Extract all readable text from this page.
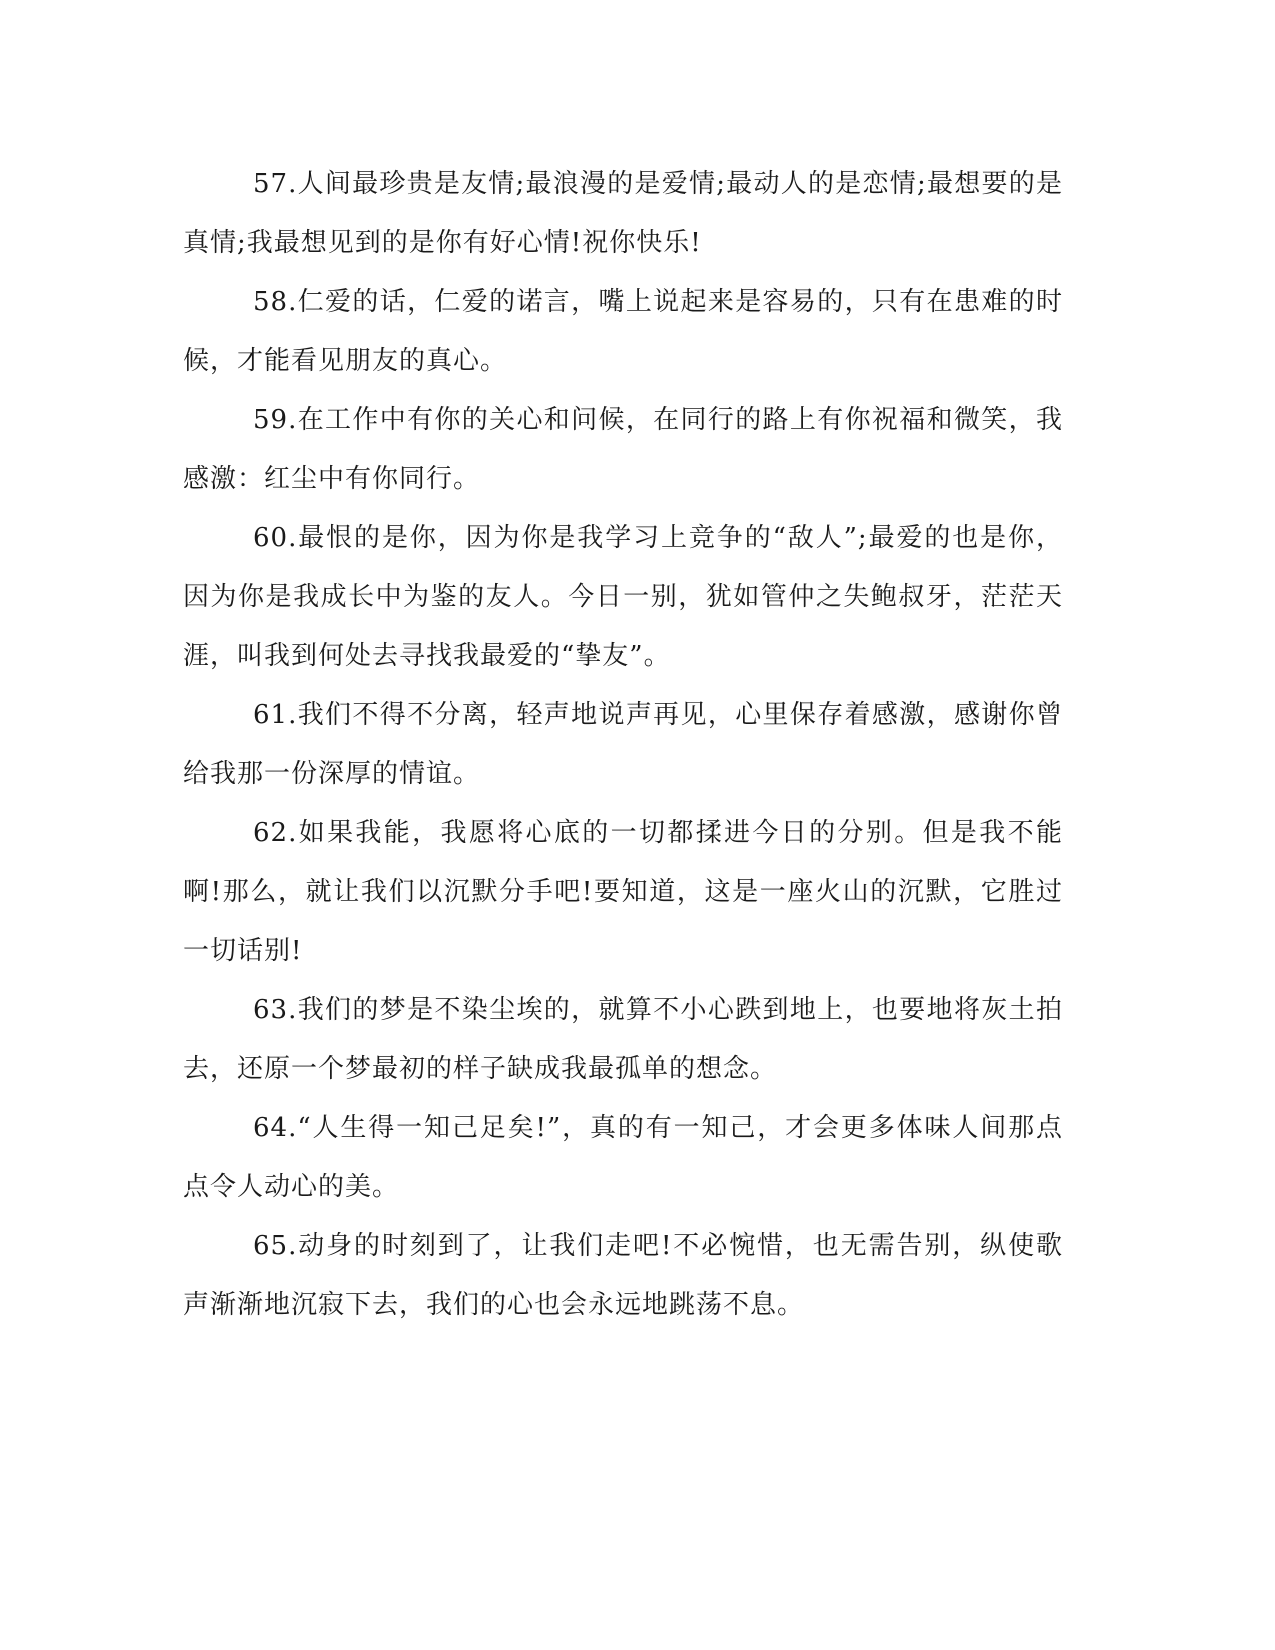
57.人间最珍贵是友情;最浪漫的是爱情;最动人的是恋情;最想要的是真情;我最想见到的是你有好心情!祝你快乐!

58.仁爱的话，仁爱的诺言，嘴上说起来是容易的，只有在患难的时候，才能看见朋友的真心。

59.在工作中有你的关心和问候，在同行的路上有你祝福和微笑，我感激：红尘中有你同行。

60.最恨的是你，因为你是我学习上竞争的“敌人”;最爱的也是你，因为你是我成长中为鉴的友人。今日一别，犹如管仲之失鲍叔牙，茫茫天涯，叫我到何处去寻找我最爱的“挚友”。

61.我们不得不分离，轻声地说声再见，心里保存着感激，感谢你曾给我那一份深厚的情谊。

62.如果我能，我愿将心底的一切都揉进今日的分别。但是我不能啊!那么，就让我们以沉默分手吧!要知道，这是一座火山的沉默，它胜过一切话别!

63.我们的梦是不染尘埃的，就算不小心跌到地上，也要地将灰土拍去，还原一个梦最初的样子缺成我最孤单的想念。

64.“人生得一知己足矣!”，真的有一知己，才会更多体味人间那点点令人动心的美。

65.动身的时刻到了，让我们走吧!不必惋惜，也无需告别，纵使歌声渐渐地沉寂下去，我们的心也会永远地跳荡不息。
